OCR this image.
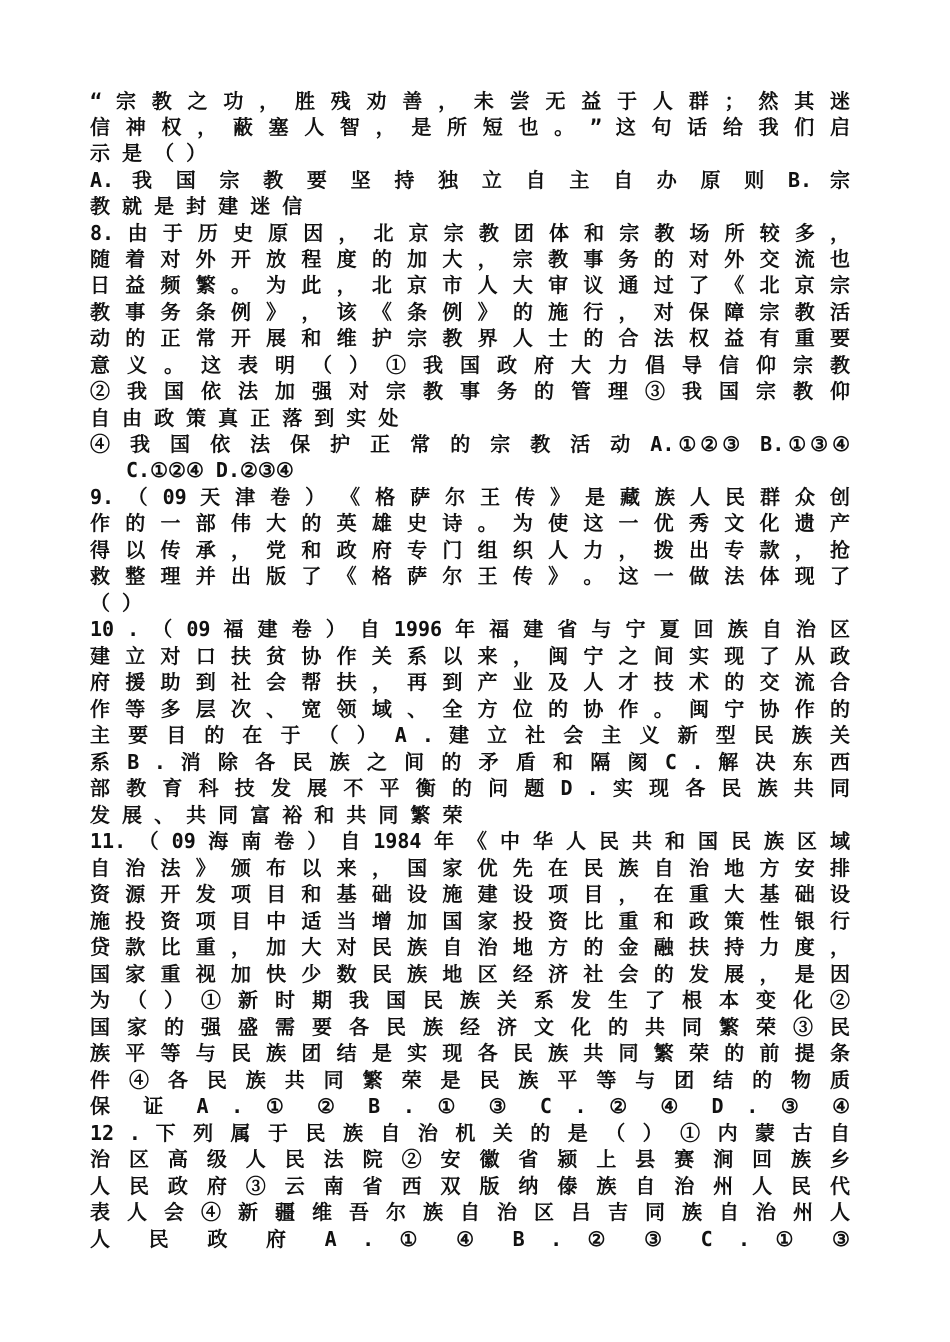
“ 宗 教 之 功 ， 胜 残 劝 善 ， 未 尝 无 益 于 人 群 ； 然 其 迷
信 神 权 ， 蔽 塞 人 智 ， 是 所 短 也 。 ” 这 句 话 给 我 们 启
示 是 （ ）
A. 我 国 宗 教 要 坚 持 独 立 自 主 自 办 原 则 B. 宗
教 就 是 封 建 迷 信
8. 由 于 历 史 原 因 ， 北 京 宗 教 团 体 和 宗 教 场 所 较 多 ，
随 着 对 外 开 放 程 度 的 加 大 ， 宗 教 事 务 的 对 外 交 流 也
日 益 频 繁 。 为 此 ， 北 京 市 人 大 审 议 通 过 了 《 北 京 宗
教 事 务 条 例 》 ， 该 《 条 例 》 的 施 行 ， 对 保 障 宗 教 活
动 的 正 常 开 展 和 维 护 宗 教 界 人 士 的 合 法 权 益 有 重 要
意 义 。 这 表 明 （ ） ① 我 国 政 府 大 力 倡 导 信 仰 宗 教
② 我 国 依 法 加 强 对 宗 教 事 务 的 管 理 ③ 我 国 宗 教 仰
自 由 政 策 真 正 落 到 实 处
④ 我 国 依 法 保 护 正 常 的 宗 教 活 动 A.①②③ B.①③④
C.①②④ D.②③④
9. （ 09 天 津 卷 ） 《 格 萨 尔 王 传 》 是 藏 族 人 民 群 众 创
作 的 一 部 伟 大 的 英 雄 史 诗 。 为 使 这 一 优 秀 文 化 遗 产
得 以 传 承 ， 党 和 政 府 专 门 组 织 人 力 ， 拨 出 专 款 ， 抢
救 整 理 并 出 版 了 《 格 萨 尔 王 传 》 。 这 一 做 法 体 现 了
（ ）
10 . （ 09 福 建 卷 ） 自 1996 年 福 建 省 与 宁 夏 回 族 自 治 区
建 立 对 口 扶 贫 协 作 关 系 以 来 ， 闽 宁 之 间 实 现 了 从 政
府 援 助 到 社 会 帮 扶 ， 再 到 产 业 及 人 才 技 术 的 交 流 合
作 等 多 层 次 、 宽 领 域 、 全 方 位 的 协 作 。 闽 宁 协 作 的
主 要 目 的 在 于 （ ） A . 建 立 社 会 主 义 新 型 民 族 关
系 B . 消 除 各 民 族 之 间 的 矛 盾 和 隔 阂 C . 解 决 东 西
部 教 育 科 技 发 展 不 平 衡 的 问 题 D . 实 现 各 民 族 共 同
发 展 、 共 同 富 裕 和 共 同 繁 荣
11. （ 09 海 南 卷 ） 自 1984 年 《 中 华 人 民 共 和 国 民 族 区 域
自 治 法 》 颁 布 以 来 ， 国 家 优 先 在 民 族 自 治 地 方 安 排
资 源 开 发 项 目 和 基 础 设 施 建 设 项 目 ， 在 重 大 基 础 设
施 投 资 项 目 中 适 当 增 加 国 家 投 资 比 重 和 政 策 性 银 行
贷 款 比 重 ， 加 大 对 民 族 自 治 地 方 的 金 融 扶 持 力 度 ，
国 家 重 视 加 快 少 数 民 族 地 区 经 济 社 会 的 发 展 ， 是 因
为 （ ） ① 新 时 期 我 国 民 族 关 系 发 生 了 根 本 变 化 ②
国 家 的 强 盛 需 要 各 民 族 经 济 文 化 的 共 同 繁 荣 ③ 民
族 平 等 与 民 族 团 结 是 实 现 各 民 族 共 同 繁 荣 的 前 提 条
件 ④ 各 民 族 共 同 繁 荣 是 民 族 平 等 与 团 结 的 物 质
保 证 A . ① ② B . ① ③ C . ② ④ D . ③ ④
12 . 下 列 属 于 民 族 自 治 机 关 的 是 （ ） ① 内 蒙 古 自
治 区 高 级 人 民 法 院 ② 安 徽 省 颍 上 县 赛 涧 回 族 乡
人 民 政 府 ③ 云 南 省 西 双 版 纳 傣 族 自 治 州 人 民 代
表 人 会 ④ 新 疆 维 吾 尔 族 自 治 区 吕 吉 同 族 自 治 州 人
人 民 政 府 A . ① ④ B . ② ③ C . ① ③
